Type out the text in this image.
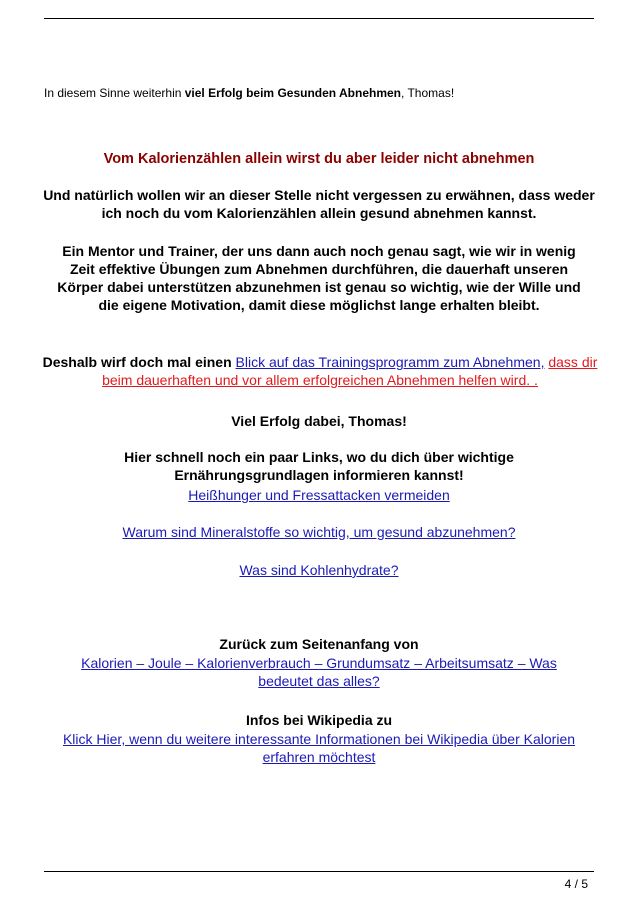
In diesem Sinne weiterhin viel Erfolg beim Gesunden Abnehmen, Thomas!
Vom Kalorienzählen allein wirst du aber leider nicht abnehmen
Und natürlich wollen wir an dieser Stelle nicht vergessen zu erwähnen, dass weder ich noch du vom Kalorienzählen allein gesund abnehmen kannst.
Ein Mentor und Trainer, der uns dann auch noch genau sagt, wie wir in wenig Zeit effektive Übungen zum Abnehmen durchführen, die dauerhaft unseren Körper dabei unterstützen abzunehmen ist genau so wichtig, wie der Wille und die eigene Motivation, damit diese möglichst lange erhalten bleibt.
Deshalb wirf doch mal einen Blick auf das Trainingsprogramm zum Abnehmen, dass dir beim dauerhaften und vor allem erfolgreichen Abnehmen helfen wird. .
Viel Erfolg dabei, Thomas!
Hier schnell noch ein paar Links, wo du dich über wichtige Ernährungsgrundlagen informieren kannst!
Heißhunger und Fressattacken vermeiden
Warum sind Mineralstoffe so wichtig, um gesund abzunehmen?
Was sind Kohlenhydrate?
Zurück zum Seitenanfang von
Kalorien – Joule – Kalorienverbrauch – Grundumsatz – Arbeitsumsatz – Was bedeutet das alles?
Infos bei Wikipedia zu
Klick Hier, wenn du weitere interessante Informationen bei Wikipedia über Kalorien erfahren möchtest
4 / 5
